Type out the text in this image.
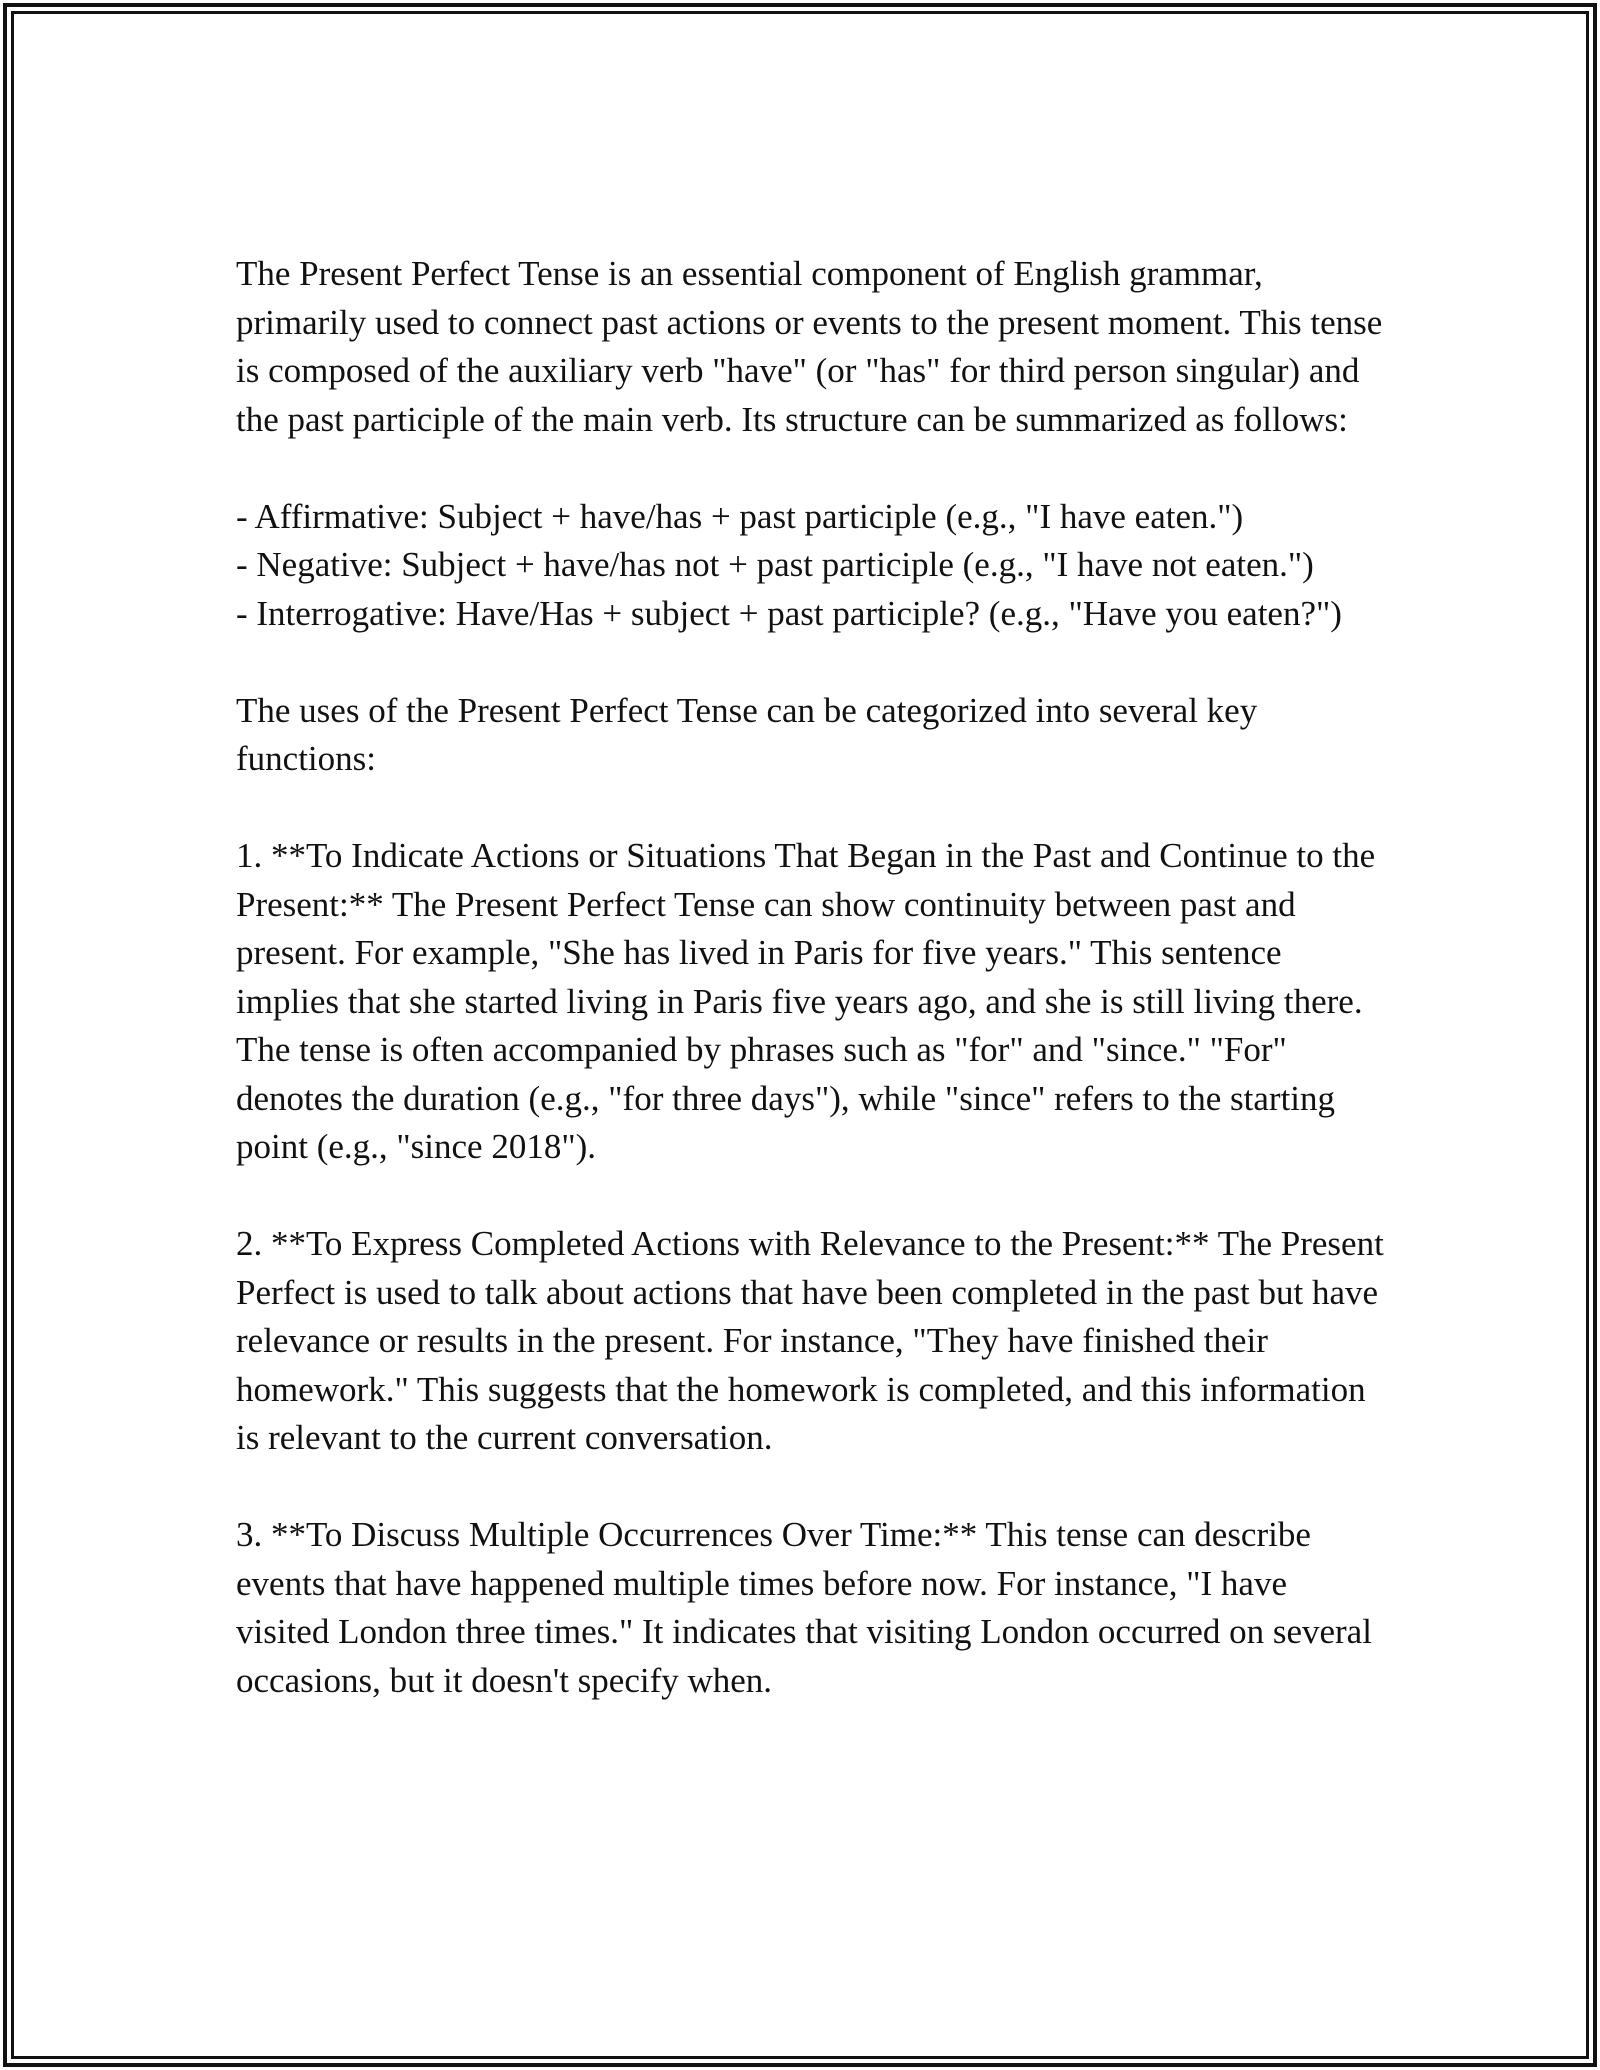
The Present Perfect Tense is an essential component of English grammar, primarily used to connect past actions or events to the present moment. This tense is composed of the auxiliary verb "have" (or "has" for third person singular) and the past participle of the main verb. Its structure can be summarized as follows:

- Affirmative: Subject + have/has + past participle (e.g., "I have eaten.")

- Negative: Subject + have/has not + past participle (e.g., "I have not eaten.")

- Interrogative: Have/Has + subject + past participle? (e.g., "Have you eaten?")

The uses of the Present Perfect Tense can be categorized into several key functions:

1. **To Indicate Actions or Situations That Began in the Past and Continue to the Present:** The Present Perfect Tense can show continuity between past and present. For example, "She has lived in Paris for five years." This sentence implies that she started living in Paris five years ago, and she is still living there. The tense is often accompanied by phrases such as "for" and "since." "For" denotes the duration (e.g., "for three days"), while "since" refers to the starting point (e.g., "since 2018").

2. **To Express Completed Actions with Relevance to the Present:** The Present Perfect is used to talk about actions that have been completed in the past but have relevance or results in the present. For instance, "They have finished their homework." This suggests that the homework is completed, and this information is relevant to the current conversation.

3. **To Discuss Multiple Occurrences Over Time:** This tense can describe events that have happened multiple times before now. For instance, "I have visited London three times." It indicates that visiting London occurred on several occasions, but it doesn't specify when.
